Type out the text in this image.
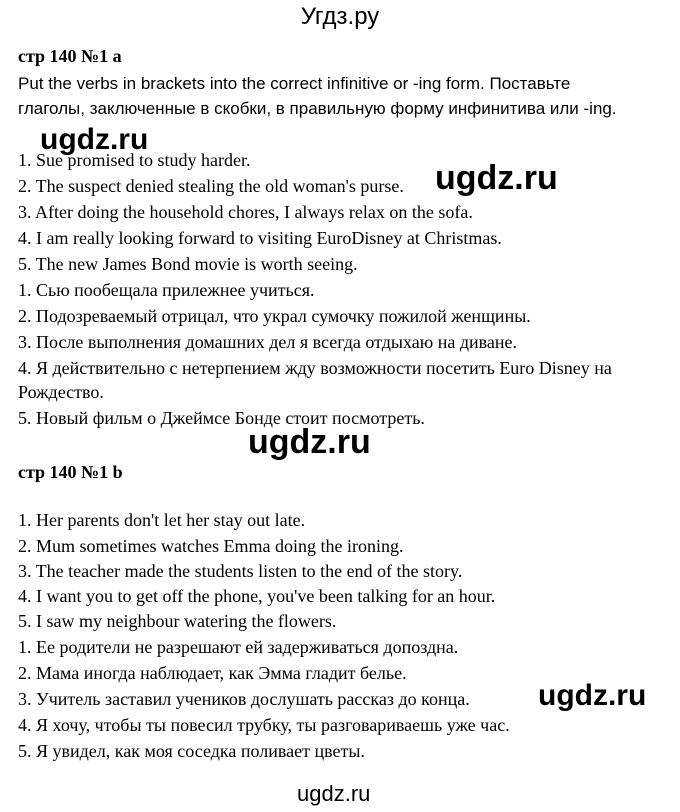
Угдз.ру
стр 140 №1 a
Put the verbs in brackets into the correct infinitive or -ing form. Поставьте
глаголы, заключенные в скобки, в правильную форму инфинитива или -ing.
1. Sue promised to study harder.
2. The suspect denied stealing the old woman's purse.
3. After doing the household chores, I always relax on the sofa.
4. I am really looking forward to visiting EuroDisney at Christmas.
5. The new James Bond movie is worth seeing.
1. Сью пообещала прилежнее учиться.
2. Подозреваемый отрицал, что украл сумочку пожилой женщины.
3. После выполнения домашних дел я всегда отдыхаю на диване.
4. Я действительно с нетерпением жду возможности посетить Euro Disney на
Рождество.
5. Новый фильм о Джеймсе Бонде стоит посмотреть.
стр 140 №1 b
1. Her parents don't let her stay out late.
2. Mum sometimes watches Emma doing the ironing.
3. The teacher made the students listen to the end of the story.
4. I want you to get off the phone, you've been talking for an hour.
5. I saw my neighbour watering the flowers.
1. Ее родители не разрешают ей задерживаться допоздна.
2. Мама иногда наблюдает, как Эмма гладит белье.
3. Учитель заставил учеников дослушать рассказ до конца.
4. Я хочу, чтобы ты повесил трубку, ты разговариваешь уже час.
5. Я увидел, как моя соседка поливает цветы.
ugdz.ru
ugdz.ru
ugdz.ru
ugdz.ru
ugdz.ru
